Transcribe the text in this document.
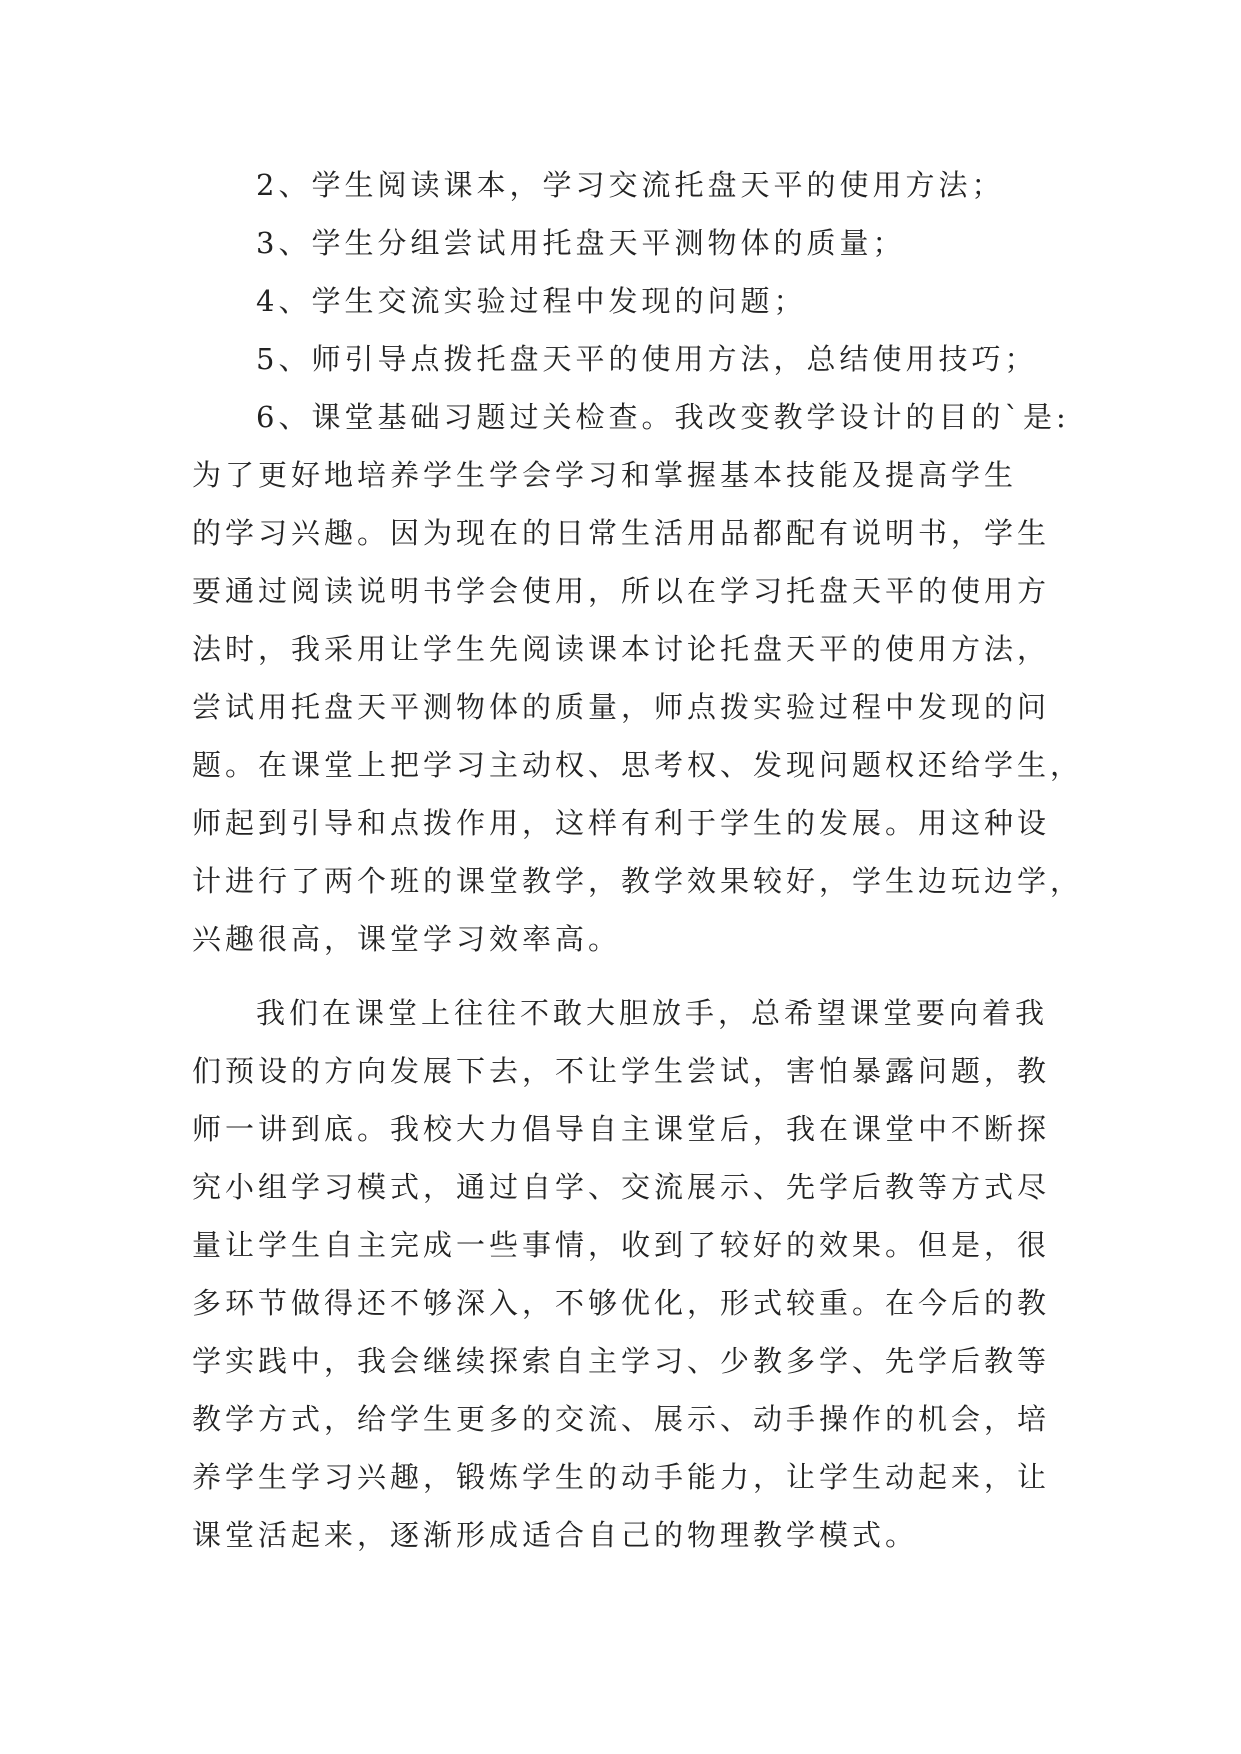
2、学生阅读课本，学习交流托盘天平的使用方法；
3、学生分组尝试用托盘天平测物体的质量；
4、学生交流实验过程中发现的问题；
5、师引导点拨托盘天平的使用方法，总结使用技巧；
6、课堂基础习题过关检查。我改变教学设计的目的`是:
为了更好地培养学生学会学习和掌握基本技能及提高学生
的学习兴趣。因为现在的日常生活用品都配有说明书，学生
要通过阅读说明书学会使用，所以在学习托盘天平的使用方
法时，我采用让学生先阅读课本讨论托盘天平的使用方法，
尝试用托盘天平测物体的质量，师点拨实验过程中发现的问
题。在课堂上把学习主动权、思考权、发现问题权还给学生，
师起到引导和点拨作用，这样有利于学生的发展。用这种设
计进行了两个班的课堂教学，教学效果较好，学生边玩边学，
兴趣很高，课堂学习效率高。
我们在课堂上往往不敢大胆放手，总希望课堂要向着我
们预设的方向发展下去，不让学生尝试，害怕暴露问题，教
师一讲到底。我校大力倡导自主课堂后，我在课堂中不断探
究小组学习模式，通过自学、交流展示、先学后教等方式尽
量让学生自主完成一些事情，收到了较好的效果。但是，很
多环节做得还不够深入，不够优化，形式较重。在今后的教
学实践中，我会继续探索自主学习、少教多学、先学后教等
教学方式，给学生更多的交流、展示、动手操作的机会，培
养学生学习兴趣，锻炼学生的动手能力，让学生动起来，让
课堂活起来，逐渐形成适合自己的物理教学模式。
